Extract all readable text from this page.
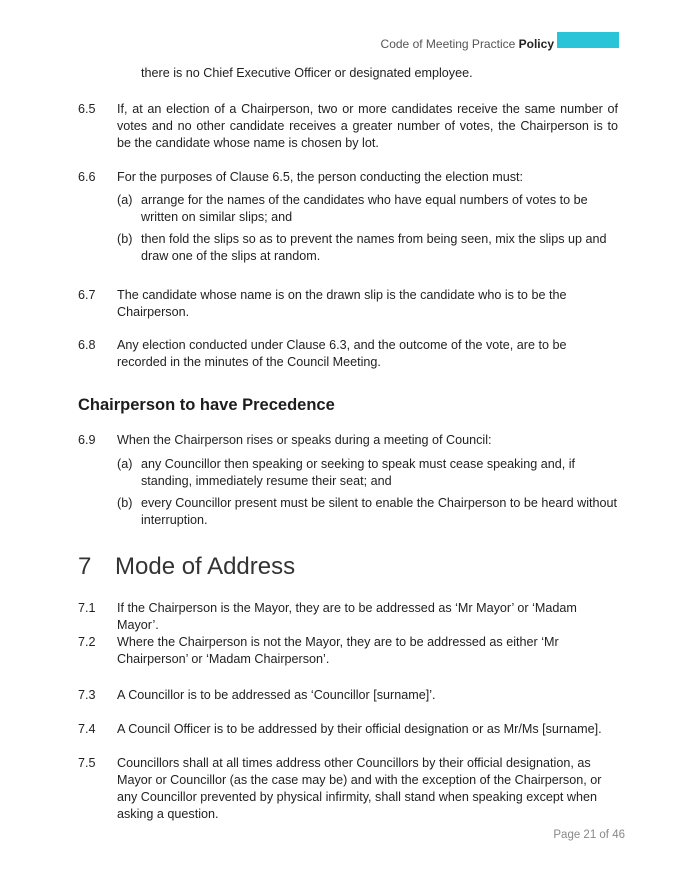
Code of Meeting Practice Policy
there is no Chief Executive Officer or designated employee.
6.5	If, at an election of a Chairperson, two or more candidates receive the same number of votes and no other candidate receives a greater number of votes, the Chairperson is to be the candidate whose name is chosen by lot.
6.6	For the purposes of Clause 6.5, the person conducting the election must:
(a) arrange for the names of the candidates who have equal numbers of votes to be written on similar slips; and
(b) then fold the slips so as to prevent the names from being seen, mix the slips up and draw one of the slips at random.
6.7	The candidate whose name is on the drawn slip is the candidate who is to be the Chairperson.
6.8	Any election conducted under Clause 6.3, and the outcome of the vote, are to be recorded in the minutes of the Council Meeting.
Chairperson to have Precedence
6.9	When the Chairperson rises or speaks during a meeting of Council:
(a) any Councillor then speaking or seeking to speak must cease speaking and, if standing, immediately resume their seat; and
(b) every Councillor present must be silent to enable the Chairperson to be heard without interruption.
7 Mode of Address
7.1	If the Chairperson is the Mayor, they are to be addressed as ‘Mr Mayor’ or ‘Madam Mayor’.
7.2	Where the Chairperson is not the Mayor, they are to be addressed as either ‘Mr Chairperson’ or ‘Madam Chairperson’.
7.3	A Councillor is to be addressed as ‘Councillor [surname]’.
7.4	A Council Officer is to be addressed by their official designation or as Mr/Ms [surname].
7.5	Councillors shall at all times address other Councillors by their official designation, as Mayor or Councillor (as the case may be) and with the exception of the Chairperson, or any Councillor prevented by physical infirmity, shall stand when speaking except when asking a question.
Page 21 of 46
